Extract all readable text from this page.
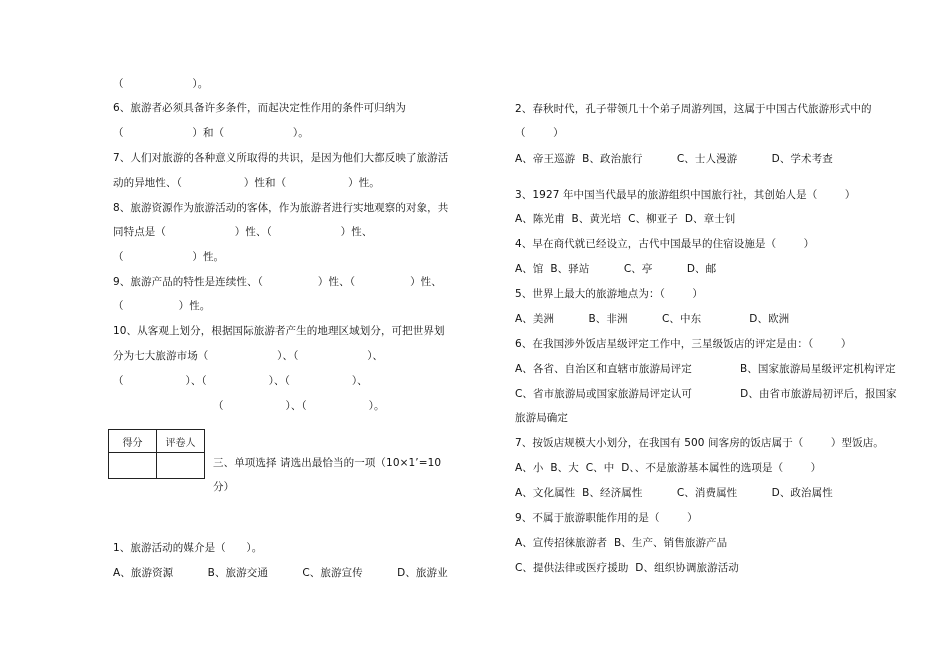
（                    ）。
6、旅游者必须具备许多条件，而起决定性作用的条件可归纳为
（                    ）和（                    ）。
7、人们对旅游的各种意义所取得的共识，是因为他们大都反映了旅游活
动的异地性、（                  ）性和（                  ）性。
8、旅游资源作为旅游活动的客体，作为旅游者进行实地观察的对象，共
同特点是（                    ）性、（                    ）性、
（                    ）性。
9、旅游产品的特性是连续性、（                ）性、（                ）性、
（                ）性。
10、从客观上划分，根据国际旅游者产生的地理区域划分，可把世界划
分为七大旅游市场（                    ）、（                    ）、
（                  ）、（                  ）、（                  ）、
（                  ）、（                  ）。
得分	评卷人

三、单项选择 请选出最恰当的一项（10×1’=10
分）
1、旅游活动的媒介是（      ）。
A、旅游资源          B、旅游交通          C、旅游宣传          D、旅游业
2、春秋时代，孔子带领几十个弟子周游列国，这属于中国古代旅游形式中的
（        ）
A、帝王巡游  B、政治旅行          C、士人漫游          D、学术考查
3、1927 年中国当代最早的旅游组织中国旅行社，其创始人是（        ）
A、陈光甫  B、黄光培  C、柳亚子  D、章士钊
4、早在商代就已经设立，古代中国最早的住宿设施是（        ）
A、馆  B、驿站          C、亭          D、邮
5、世界上最大的旅游地点为：（        ）
A、美洲          B、非洲          C、中东              D、欧洲
6、在我国涉外饭店星级评定工作中，三星级饭店的评定是由：（        ）
A、各省、自治区和直辖市旅游局评定              B、国家旅游局星级评定机构评定
C、省市旅游局或国家旅游局评定认可              D、由省市旅游局初评后，报国家
旅游局确定
7、按饭店规模大小划分，在我国有 500 间客房的饭店属于（        ）型饭店。
A、小  B、大  C、中  D、、不是旅游基本属性的选项是（        ）
A、文化属性  B、经济属性          C、消费属性          D、政治属性
9、不属于旅游职能作用的是（        ）
A、宣传招徕旅游者  B、生产、销售旅游产品
C、提供法律或医疗援助  D、组织协调旅游活动
